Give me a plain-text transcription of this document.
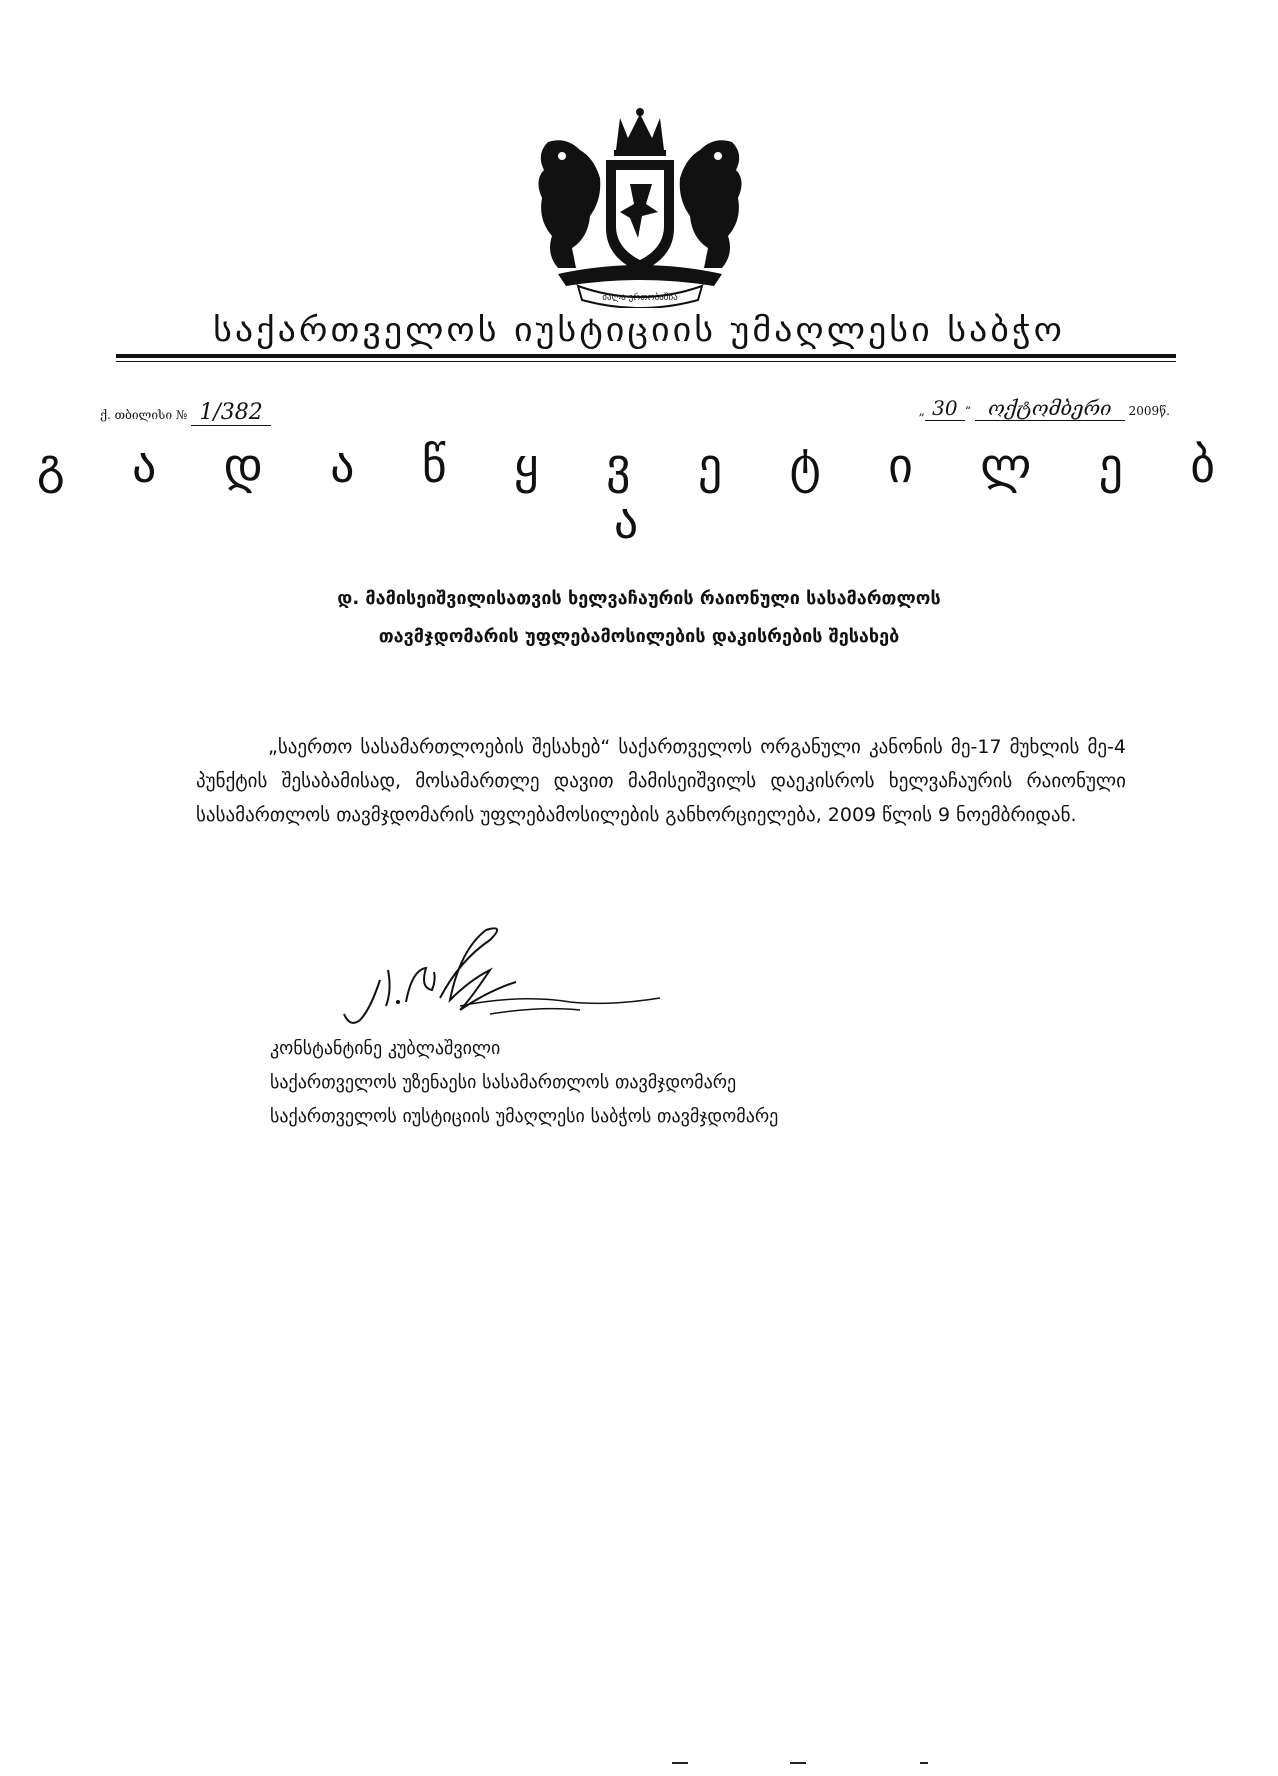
ძალა ერთობაშია
საქართველოს იუსტიციის უმაღლესი საბჭო
ქ. თბილისი № 1/382	„ 30 “ ოქტომბერი 2009წ.
გ ა დ ა წ ყ ვ ე ტ ი ლ ე ბ ა
დ. მამისეიშვილისათვის ხელვაჩაურის რაიონული სასამართლოს
თავმჯდომარის უფლებამოსილების დაკისრების შესახებ
„საერთო სასამართლოების შესახებ“ საქართველოს ორგანული კანონის მე-17 მუხლის მე-4 პუნქტის შესაბამისად, მოსამართლე დავით მამისეიშვილს დაეკისროს ხელვაჩაურის რაიონული სასამართლოს თავმჯდომარის უფლებამოსილების განხორციელება, 2009 წლის 9 ნოემბრიდან.
კონსტანტინე კუბლაშვილი
საქართველოს უზენაესი სასამართლოს თავმჯდომარე
საქართველოს იუსტიციის უმაღლესი საბჭოს თავმჯდომარე
